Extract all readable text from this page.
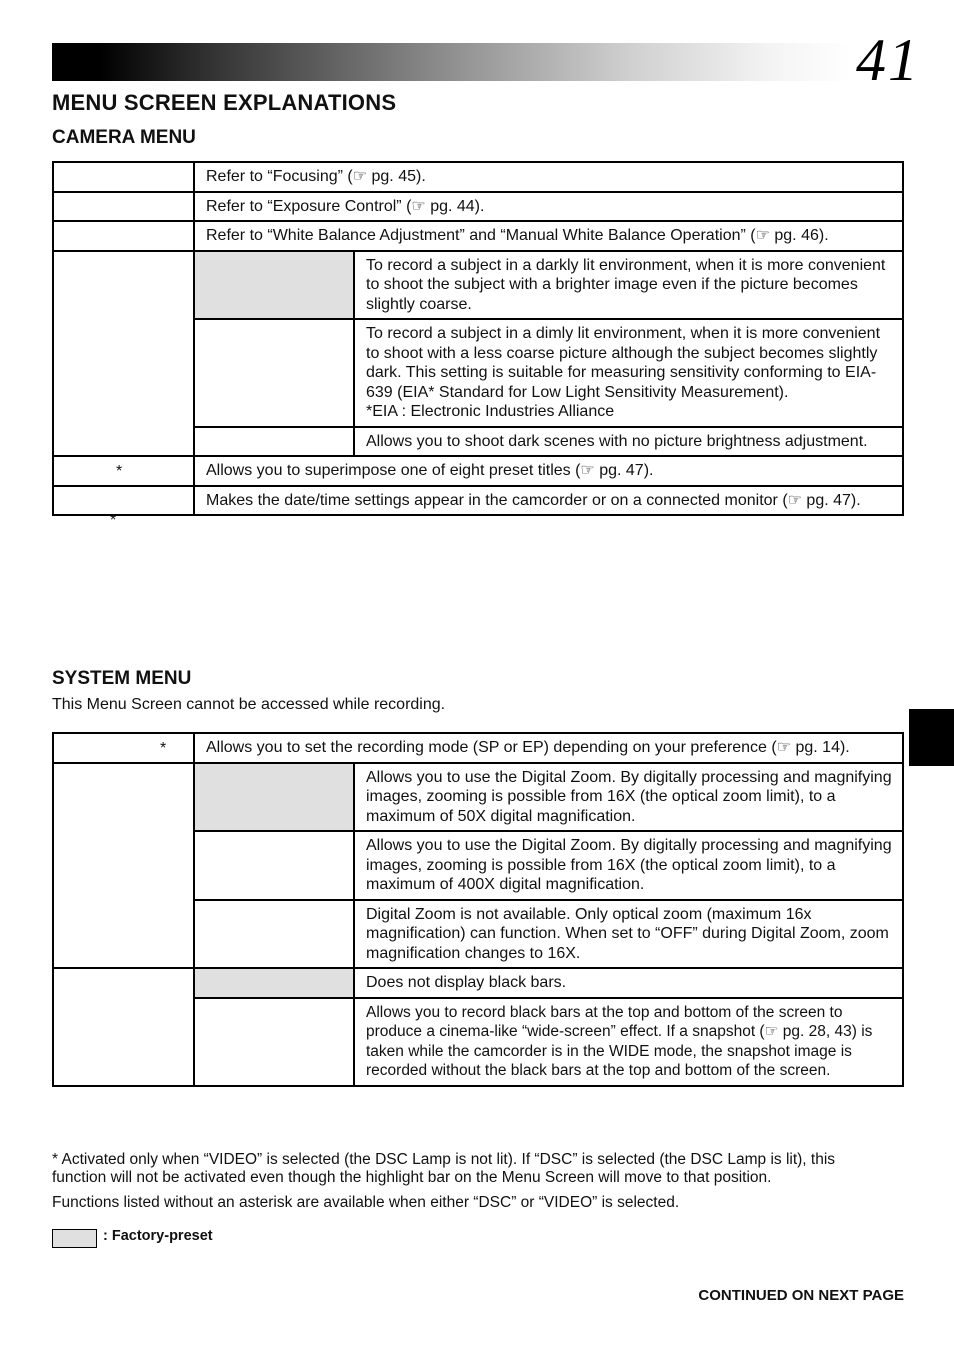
41
MENU SCREEN EXPLANATIONS
CAMERA MENU
	Refer to “Focusing” (☞ pg. 45).	
	Refer to “Exposure Control” (☞ pg. 44).	
	Refer to “White Balance Adjustment” and “Manual White Balance Operation” (☞ pg. 46).	
		To record a subject in a darkly lit environment, when it is more convenient to shoot the subject with a brighter image even if the picture becomes slightly coarse.

		To record a subject in a dimly lit environment, when it is more convenient to shoot with a less coarse picture although the subject becomes slightly dark. This setting is suitable for measuring sensitivity conforming to EIA-639 (EIA* Standard for Low Light Sensitivity Measurement).
*EIA : Electronic Industries Alliance

		Allows you to shoot dark scenes with no picture brightness adjustment.

*	Allows you to superimpose one of eight preset titles (☞ pg. 47).	

*	Makes the date/time settings appear in the camcorder or on a connected monitor (☞ pg. 47).	
SYSTEM MENU
This Menu Screen cannot be accessed while recording.
*	Allows you to set the recording mode (SP or EP) depending on your preference (☞ pg. 14).	
		Allows you to use the Digital Zoom. By digitally processing and magnifying images, zooming is possible from 16X (the optical zoom limit), to a maximum of 50X digital magnification.
		Allows you to use the Digital Zoom. By digitally processing and magnifying images, zooming is possible from 16X (the optical zoom limit), to a maximum of 400X digital magnification.
		Digital Zoom is not available. Only optical zoom (maximum 16x magnification) can function. When set to “OFF” during Digital Zoom, zoom magnification changes to 16X.
		Does not display black bars.
		Allows you to record black bars at the top and bottom of the screen to produce a cinema-like “wide-screen” effect. If a snapshot (☞ pg. 28, 43) is taken while the camcorder is in the WIDE mode, the snapshot image is recorded without the black bars at the top and bottom of the screen.
* Activated only when “VIDEO” is selected (the DSC Lamp is not lit). If “DSC” is selected (the DSC Lamp is lit), this function will not be activated even though the highlight bar on the Menu Screen will move to that position.
Functions listed without an asterisk are available when either “DSC” or “VIDEO” is selected.
: Factory-preset
CONTINUED ON NEXT PAGE
